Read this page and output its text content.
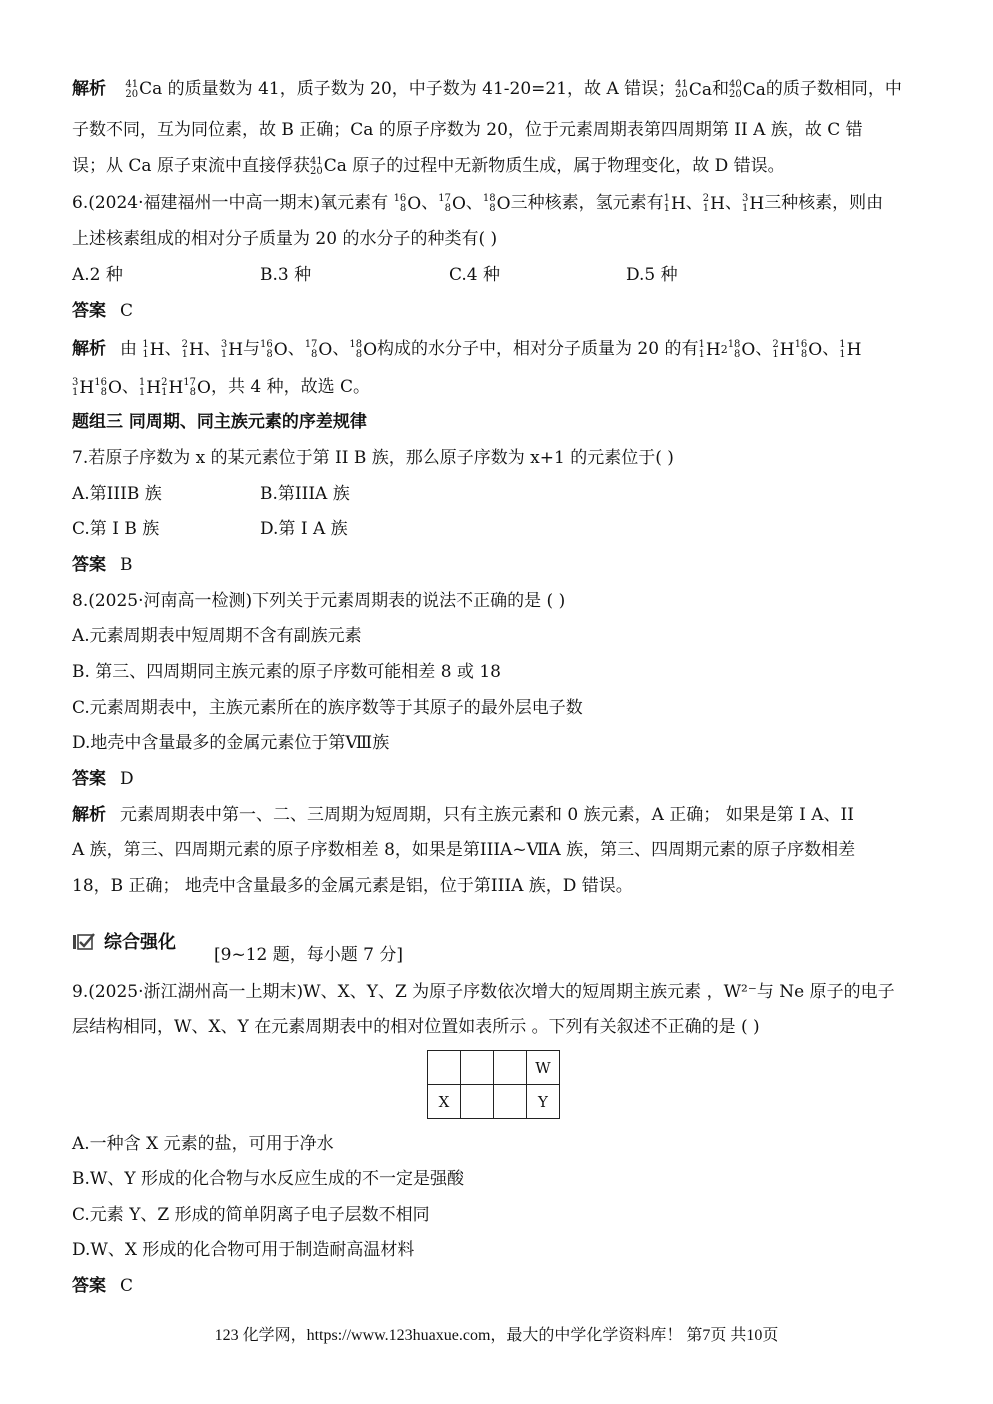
解析 41
20 Ca 的质量数为 41，质子数为 20，中子数为 41-20=21，故 A 错误； 41
20 Ca 和 40
20 Ca 的质子数相同，中
子数不同，互为同位素，故 B 正确；Ca 的原子序数为 20，位于元素周期表第四周期第 II A 族，故 C 错
误；从 Ca 原子束流中直接俘获 41
20 Ca 原子的过程中无新物质生成，属于物理变化，故 D 错误。
6.(2024·福建福州一中高一期末)氧元素有 16
8 O 、 17
8 O 、 18
8 O 三种核素，氢元素有 1
1 H 、 2
1 H 、 3
1 H 三种核素，则由
上述核素组成的相对分子质量为 20 的水分子的种类有( )
A.2 种	B.3 种	C.4 种	D.5 种
答案 C
解析 由 1
1 H 、 2
1 H 、 3
1 H 与 16
8 O 、 17
8 O 、 18
8 O 构成的水分子中，相对分子质量为 20 的有 1
1 H 2 18
8 O 、 2
1 H 16
8 O 、 1
1 H
3
1 H 16
8 O 、 1
1 H 2
1 H 17
8 O ，共 4 种，故选 C。
题组三 同周期、同主族元素的序差规律
7.若原子序数为 x 的某元素位于第 II B 族，那么原子序数为 x+1 的元素位于( )
A.第IIIB 族	B.第IIIA 族
C.第 I B 族	D.第 I A 族
答案 B
8.(2025·河南高一检测)下列关于元素周期表的说法不正确的是 ( )
A.元素周期表中短周期不含有副族元素
B. 第三、四周期同主族元素的原子序数可能相差 8 或 18
C.元素周期表中，主族元素所在的族序数等于其原子的最外层电子数
D.地壳中含量最多的金属元素位于第Ⅷ族
答案 D
解析 元素周期表中第一、二、三周期为短周期，只有主族元素和 0 族元素，A 正确； 如果是第 I A、II
A 族，第三、四周期元素的原子序数相差 8，如果是第IIIA~ⅦA 族，第三、四周期元素的原子序数相差
18，B 正确； 地壳中含量最多的金属元素是铝，位于第IIIA 族，D 错误。
综合强化
[9~12 题，每小题 7 分]
9.(2025·浙江湖州高一上期末)W、X、Y、Z 为原子序数依次增大的短周期主族元素 ，W²⁻与 Ne 原子的电子
层结构相同，W、X、Y 在元素周期表中的相对位置如表所示 。下列有关叙述不正确的是 ( )
			W
X			Y
A.一种含 X 元素的盐，可用于净水
B.W、Y 形成的化合物与水反应生成的不一定是强酸
C.元素 Y、Z 形成的简单阴离子电子层数不相同
D.W、X 形成的化合物可用于制造耐高温材料
答案 C
123 化学网，https://www.123huaxue.com，最大的中学化学资料库！ 第7页 共10页
